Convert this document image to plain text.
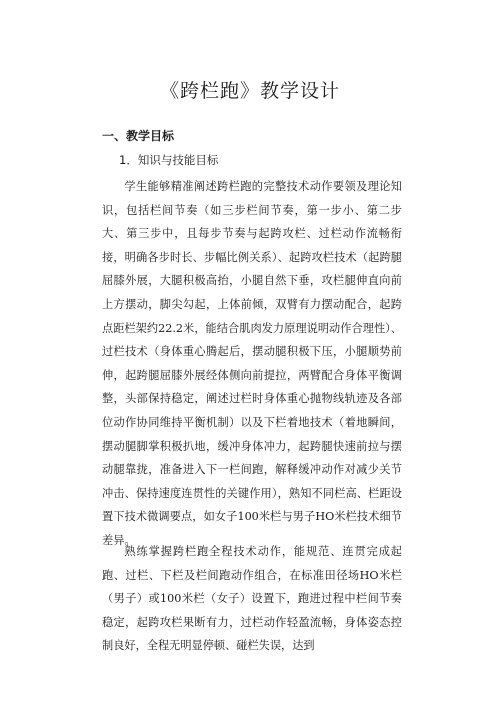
《跨栏跑》教学设计
一、教学目标
1．知识与技能目标

学生能够精准阐述跨栏跑的完整技术动作要领及理论知识，包括栏间节奏（如三步栏间节奏，第一步小、第二步大、第三步中，且每步节奏与起跨攻栏、过栏动作流畅衔接，明确各步时长、步幅比例关系）、起跨攻栏技术（起跨腿屈膝外展，大腿积极高抬，小腿自然下垂，攻栏腿伸直向前上方摆动，脚尖勾起，上体前倾，双臂有力摆动配合，起跨点距栏架约22.2米，能结合肌肉发力原理说明动作合理性）、过栏技术（身体重心腾起后，摆动腿积极下压，小腿顺势前伸，起跨腿屈膝外展经体侧向前提拉，两臂配合身体平衡调整，头部保持稳定，阐述过栏时身体重心抛物线轨迹及各部位动作协同维持平衡机制）以及下栏着地技术（着地瞬间，摆动腿脚掌积极扒地，缓冲身体冲力，起跨腿快速前拉与摆动腿靠拢，准备进入下一栏间跑，解释缓冲动作对减少关节冲击、保持速度连贯性的关键作用），熟知不同栏高、栏距设置下技术微调要点，如女子100米栏与男子HO米栏技术细节差异。

熟练掌握跨栏跑全程技术动作，能规范、连贯完成起跑、过栏、下栏及栏间跑动作组合，在标准田径场HO米栏（男子）或100米栏（女子）设置下，跑进过程中栏间节奏稳定，起跨攻栏果断有力，过栏动作轻盈流畅，身体姿态控制良好，全程无明显停顿、碰栏失误，达到
